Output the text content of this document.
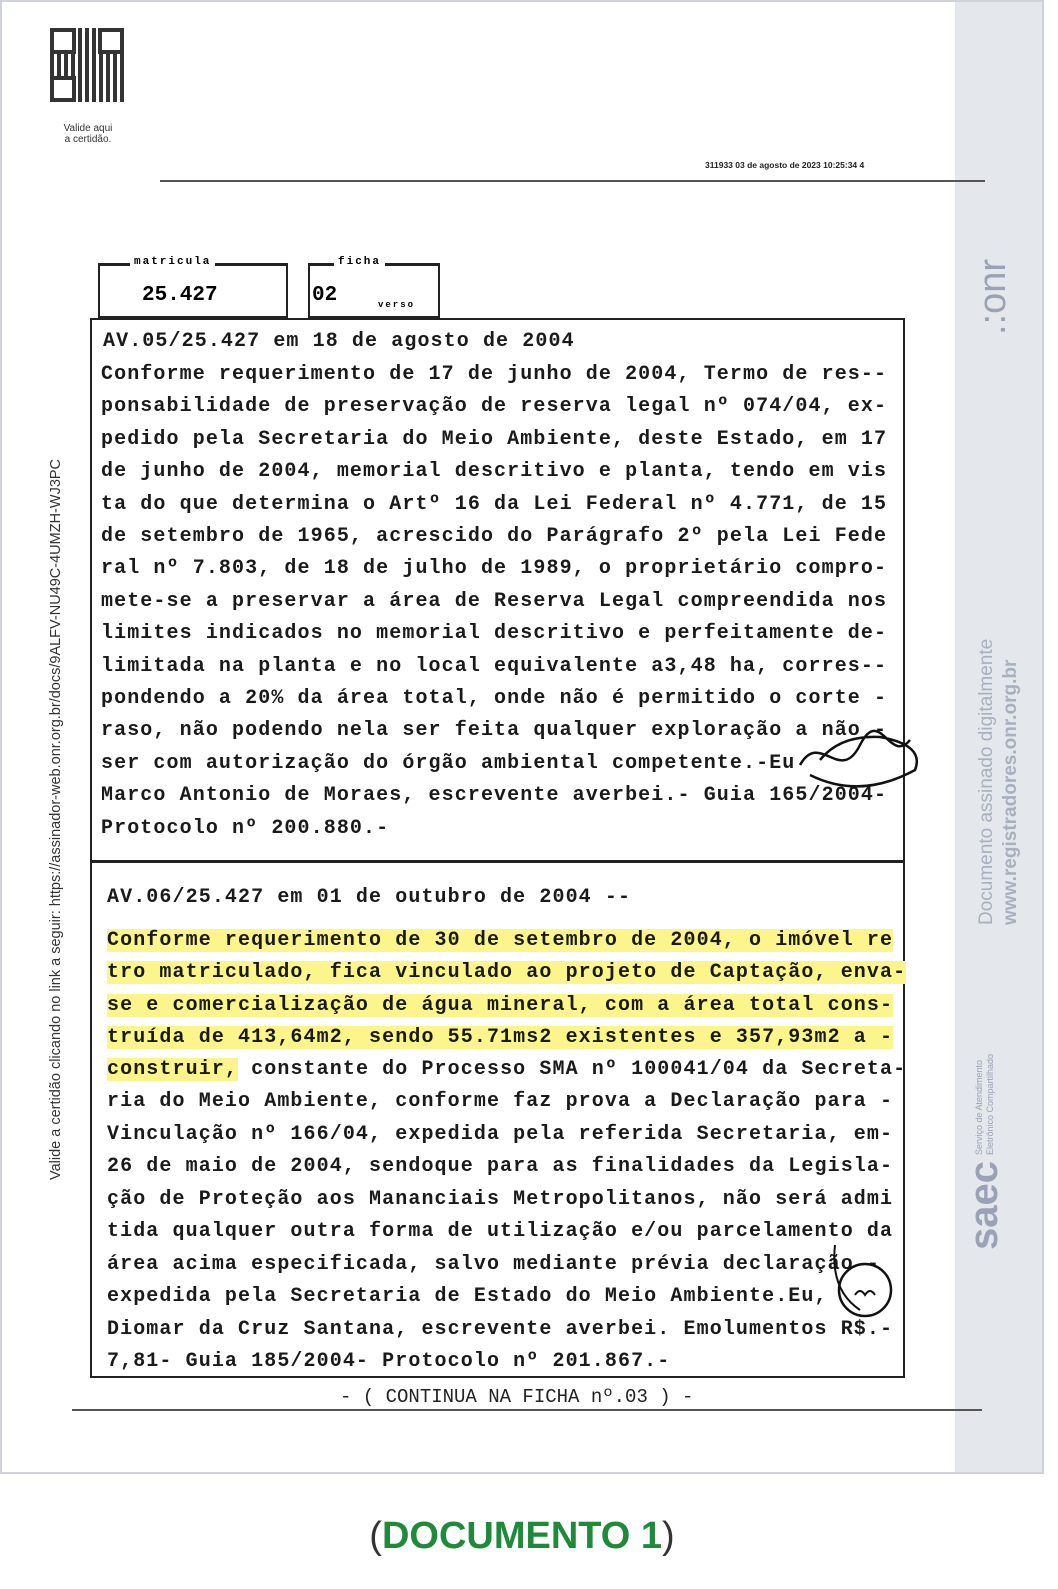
Valide aqui
a certidão.
311933 03 de agosto de 2023 10:25:34 4
Valide a certidão clicando no link a seguir: https://assinador-web.onr.org.br/docs/9ALFV-NU49C-4UMZH-WJ3PC
matricula
25.427
ficha
02	verso
AV.05/25.427 em 18 de agosto de 2004
Conforme requerimento de 17 de junho de 2004, Termo de res--
ponsabilidade de preservação de reserva legal nº 074/04, ex-
pedido pela Secretaria do Meio Ambiente, deste Estado, em 17
de junho de 2004, memorial descritivo e planta, tendo em vis
ta do que determina o Artº 16 da Lei Federal nº 4.771, de 15
de setembro de 1965, acrescido do Parágrafo 2º pela Lei Fede
ral nº 7.803, de 18 de julho de 1989, o proprietário compro-
mete-se a preservar a área de Reserva Legal compreendida nos
limites indicados no memorial descritivo e perfeitamente de-
limitada na planta e no local equivalente a3,48 ha, corres--
pondendo a 20% da área total, onde não é permitido o corte -
raso, não podendo nela ser feita qualquer exploração a não -
ser com autorização do órgão ambiental competente.-Eu
Marco Antonio de Moraes, escrevente averbei.- Guia 165/2004-
Protocolo nº 200.880.-
AV.06/25.427 em 01 de outubro de 2004 --
construir, constante do Processo SMA nº 100041/04 da Secreta-
Conforme requerimento de 30 de setembro de 2004, o imóvel re
tro matriculado, fica vinculado ao projeto de Captação, enva-
se e comercialização de água mineral, com a área total cons-
truída de 413,64m2, sendo 55.71ms2 existentes e 357,93m2 a -
ria do Meio Ambiente, conforme faz prova a Declaração para -
Vinculação nº 166/04, expedida pela referida Secretaria, em-
26 de maio de 2004, sendoque para as finalidades da Legisla-
ção de Proteção aos Mananciais Metropolitanos, não será admi
tida qualquer outra forma de utilização e/ou parcelamento da
área acima especificada, salvo mediante prévia declaração -
expedida pela Secretaria de Estado do Meio Ambiente.Eu,
Diomar da Cruz Santana, escrevente averbei. Emolumentos R$.-
7,81- Guia 185/2004- Protocolo nº 201.867.-
- ( CONTINUA NA FICHA nº.03 ) -
.:onr
Documento assinado digitalmente www.registradores.onr.org.br
saec
Serviço de Atendimento Eletrônico Compartilhado
(DOCUMENTO 1)
